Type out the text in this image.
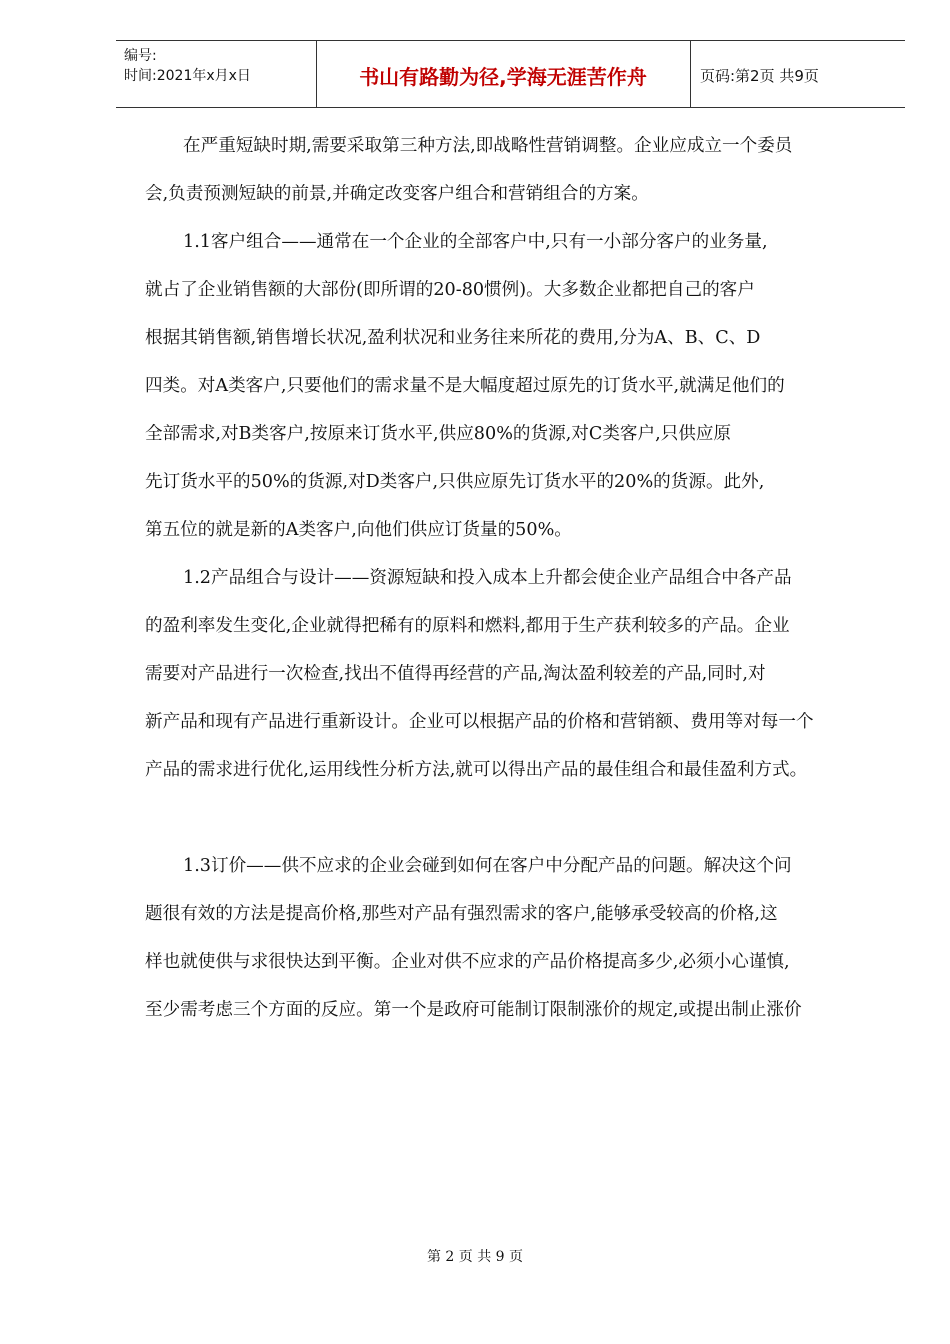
编号:
时间:2021年x月x日	书山有路勤为径,学海无涯苦作舟	页码:第2页 共9页
在严重短缺时期,需要采取第三种方法,即战略性营销调整。企业应成立一个委员
会,负责预测短缺的前景,并确定改变客户组合和营销组合的方案。
1.1客户组合——通常在一个企业的全部客户中,只有一小部分客户的业务量,
就占了企业销售额的大部份(即所谓的20-80惯例)。大多数企业都把自己的客户
根据其销售额,销售增长状况,盈利状况和业务往来所花的费用,分为A、B、C、D
四类。对A类客户,只要他们的需求量不是大幅度超过原先的订货水平,就满足他们的
全部需求,对B类客户,按原来订货水平,供应80%的货源,对C类客户,只供应原
先订货水平的50%的货源,对D类客户,只供应原先订货水平的20%的货源。此外,
第五位的就是新的A类客户,向他们供应订货量的50%。
1.2产品组合与设计——资源短缺和投入成本上升都会使企业产品组合中各产品
的盈利率发生变化,企业就得把稀有的原料和燃料,都用于生产获利较多的产品。企业
需要对产品进行一次检查,找出不值得再经营的产品,淘汰盈利较差的产品,同时,对
新产品和现有产品进行重新设计。企业可以根据产品的价格和营销额、费用等对每一个
产品的需求进行优化,运用线性分析方法,就可以得出产品的最佳组合和最佳盈利方式。
1.3订价——供不应求的企业会碰到如何在客户中分配产品的问题。解决这个问
题很有效的方法是提高价格,那些对产品有强烈需求的客户,能够承受较高的价格,这
样也就使供与求很快达到平衡。企业对供不应求的产品价格提高多少,必须小心谨慎,
至少需考虑三个方面的反应。第一个是政府可能制订限制涨价的规定,或提出制止涨价
第 2 页 共 9 页
